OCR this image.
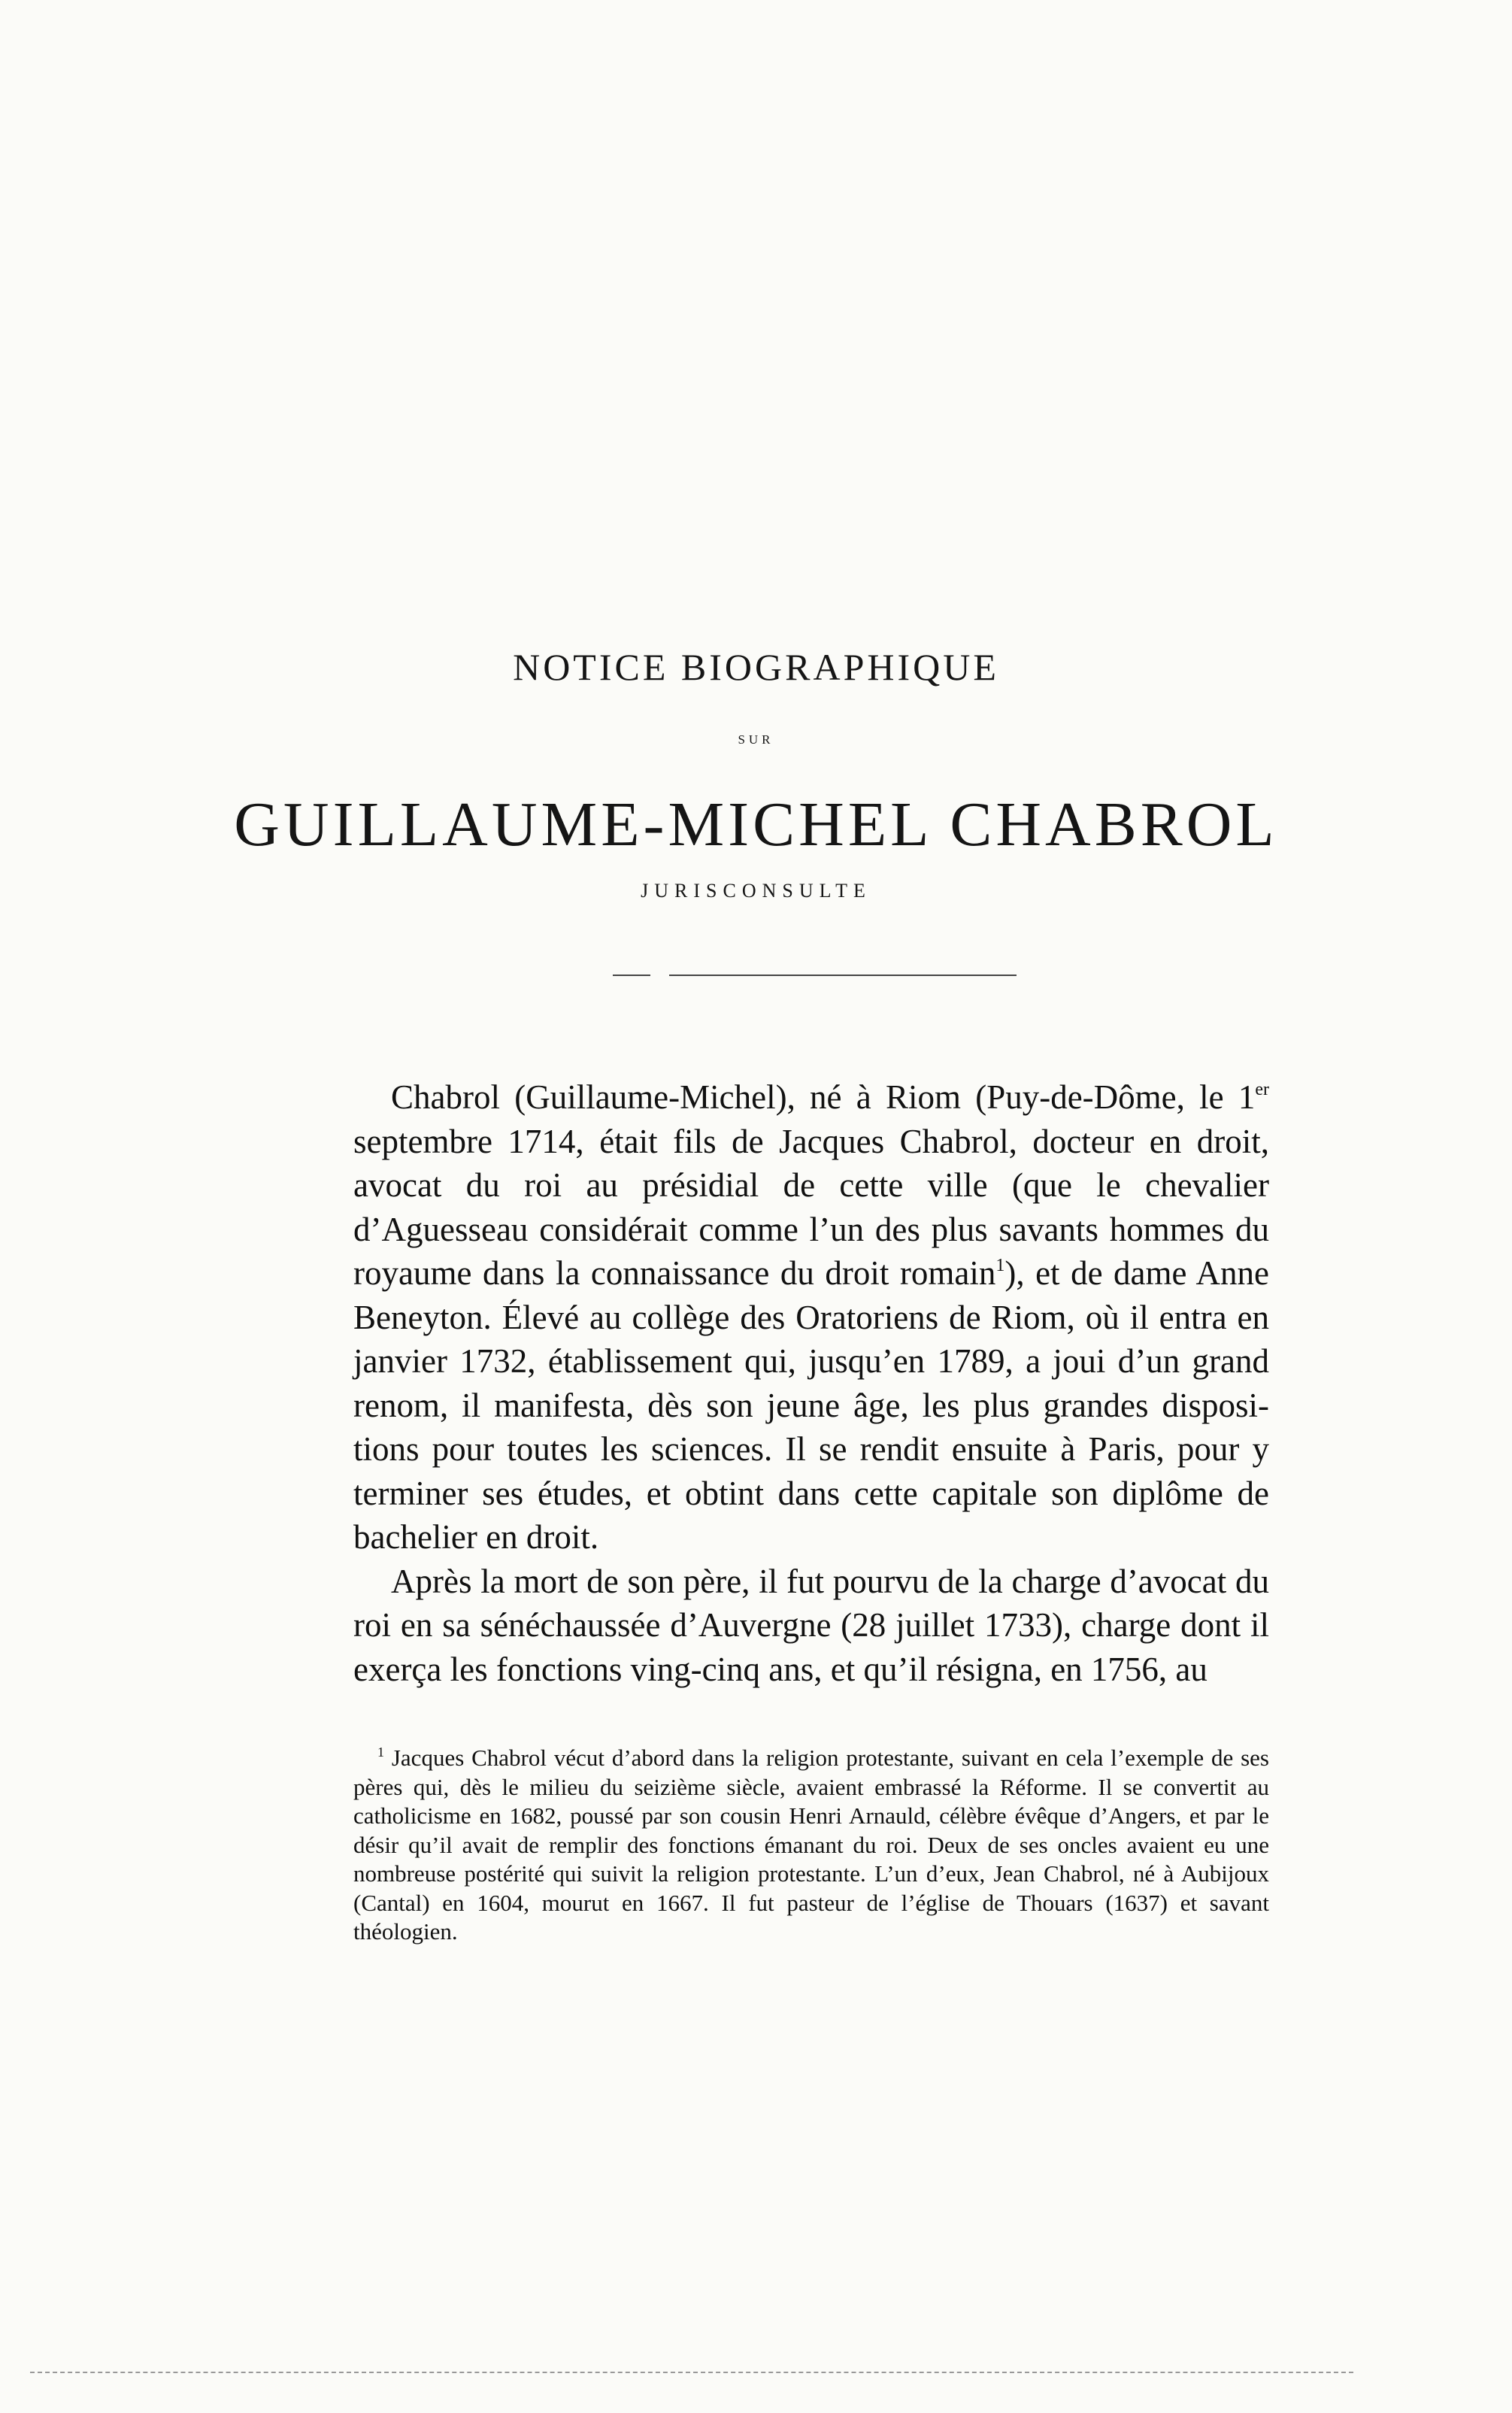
NOTICE BIOGRAPHIQUE
SUR
GUILLAUME-MICHEL CHABROL
JURISCONSULTE

Chabrol (Guillaume-Michel), né à Riom (Puy-de-Dôme, le 1er septembre 1714, était fils de Jacques Chabrol, docteur en droit, avocat du roi au présidial de cette ville (que le chevalier d’Aguesseau considérait comme l’un des plus savants hommes du royaume dans la connaissance du droit romain$^1$), et de dame Anne Beneyton. Élevé au collège des Oratoriens de Riom, où il entra en janvier 1732, établissement qui, jusqu’en 1789, a joui d’un grand renom, il manifesta, dès son jeune âge, les plus grandes dispositions pour toutes les sciences. Il se rendit ensuite à Paris, pour y terminer ses études, et obtint dans cette capitale son diplôme de bachelier en droit.

Après la mort de son père, il fut pourvu de la charge d’avocat du roi en sa sénéchaussée d’Auvergne (28 juillet 1733), charge dont il exerça les fonctions ving-cinq ans, et qu’il résigna, en 1756, au

$^1$ Jacques Chabrol vécut d’abord dans la religion protestante, suivant en cela l’exemple de ses pères qui, dès le milieu du seizième siècle, avaient embrassé la Réforme. Il se convertit au catholicisme en 1682, poussé par son cousin Henri Arnauld, célèbre évêque d’Angers, et par le désir qu’il avait de remplir des fonctions émanant du roi. Deux de ses oncles avaient eu une nombreuse postérité qui suivit la religion protestante. L’un d’eux, Jean Chabrol, né à Aubijoux (Cantal) en 1604, mourut en 1667. Il fut pasteur de l’église de Thouars (1637) et savant théologien.
